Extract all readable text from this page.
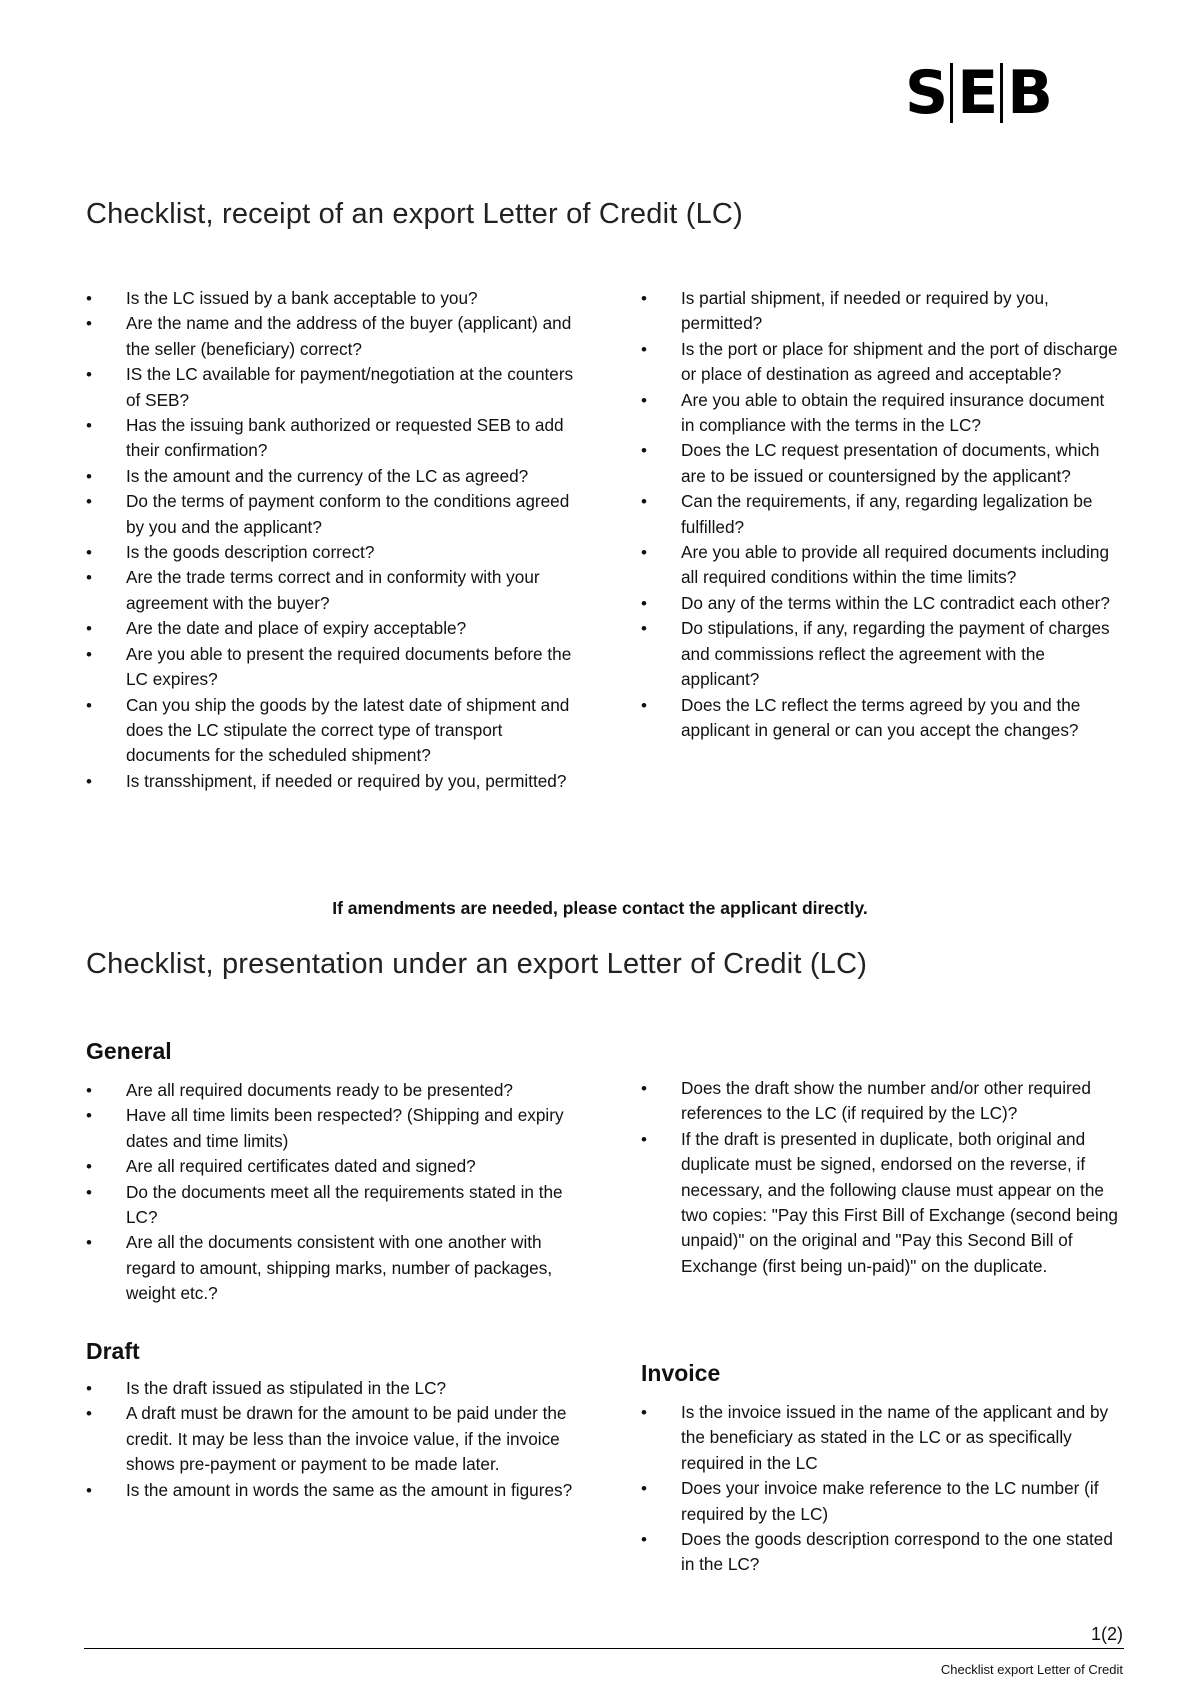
S E B
Checklist, receipt of an export Letter of Credit (LC)
• Is the LC issued by a bank acceptable to you?
• Are the name and the address of the buyer (applicant) and the seller (beneficiary) correct?
• IS the LC available for payment/negotiation at the counters of SEB?
• Has the issuing bank authorized or requested SEB to add their confirmation?
• Is the amount and the currency of the LC as agreed?
• Do the terms of payment conform to the conditions agreed by you and the applicant?
• Is the goods description correct?
• Are the trade terms correct and in conformity with your agreement with the buyer?
• Are the date and place of expiry acceptable?
• Are you able to present the required documents before the LC expires?
• Can you ship the goods by the latest date of shipment and does the LC stipulate the correct type of transport documents for the scheduled shipment?
• Is transshipment, if needed or required by you, permitted?
• Is partial shipment, if needed or required by you, permitted?
• Is the port or place for shipment and the port of discharge or place of destination as agreed and acceptable?
• Are you able to obtain the required insurance document in compliance with the terms in the LC?
• Does the LC request presentation of documents, which are to be issued or countersigned by the applicant?
• Can the requirements, if any, regarding legalization be fulfilled?
• Are you able to provide all required documents including all required conditions within the time limits?
• Do any of the terms within the LC contradict each other?
• Do stipulations, if any, regarding the payment of charges and commissions reflect the agreement with the applicant?
• Does the LC reflect the terms agreed by you and the applicant in general or can you accept the changes?

If amendments are needed, please contact the applicant directly.

Checklist, presentation under an export Letter of Credit (LC)
General
• Are all required documents ready to be presented?
• Have all time limits been respected? (Shipping and expiry dates and time limits)
• Are all required certificates dated and signed?
• Do the documents meet all the requirements stated in the LC?
• Are all the documents consistent with one another with regard to amount, shipping marks, number of packages, weight etc.?
Draft
• Is the draft issued as stipulated in the LC?
• A draft must be drawn for the amount to be paid under the credit. It may be less than the invoice value, if the invoice shows pre-payment or payment to be made later.
• Is the amount in words the same as the amount in figures?
• Does the draft show the number and/or other required references to the LC (if required by the LC)?
• If the draft is presented in duplicate, both original and duplicate must be signed, endorsed on the reverse, if necessary, and the following clause must appear on the two copies: "Pay this First Bill of Exchange (second being unpaid)" on the original and "Pay this Second Bill of Exchange (first being un-paid)" on the duplicate.
Invoice
• Is the invoice issued in the name of the applicant and by the beneficiary as stated in the LC or as specifically required in the LC
• Does your invoice make reference to the LC number (if required by the LC)
• Does the goods description correspond to the one stated in the LC?
1(2)
Checklist export Letter of Credit
